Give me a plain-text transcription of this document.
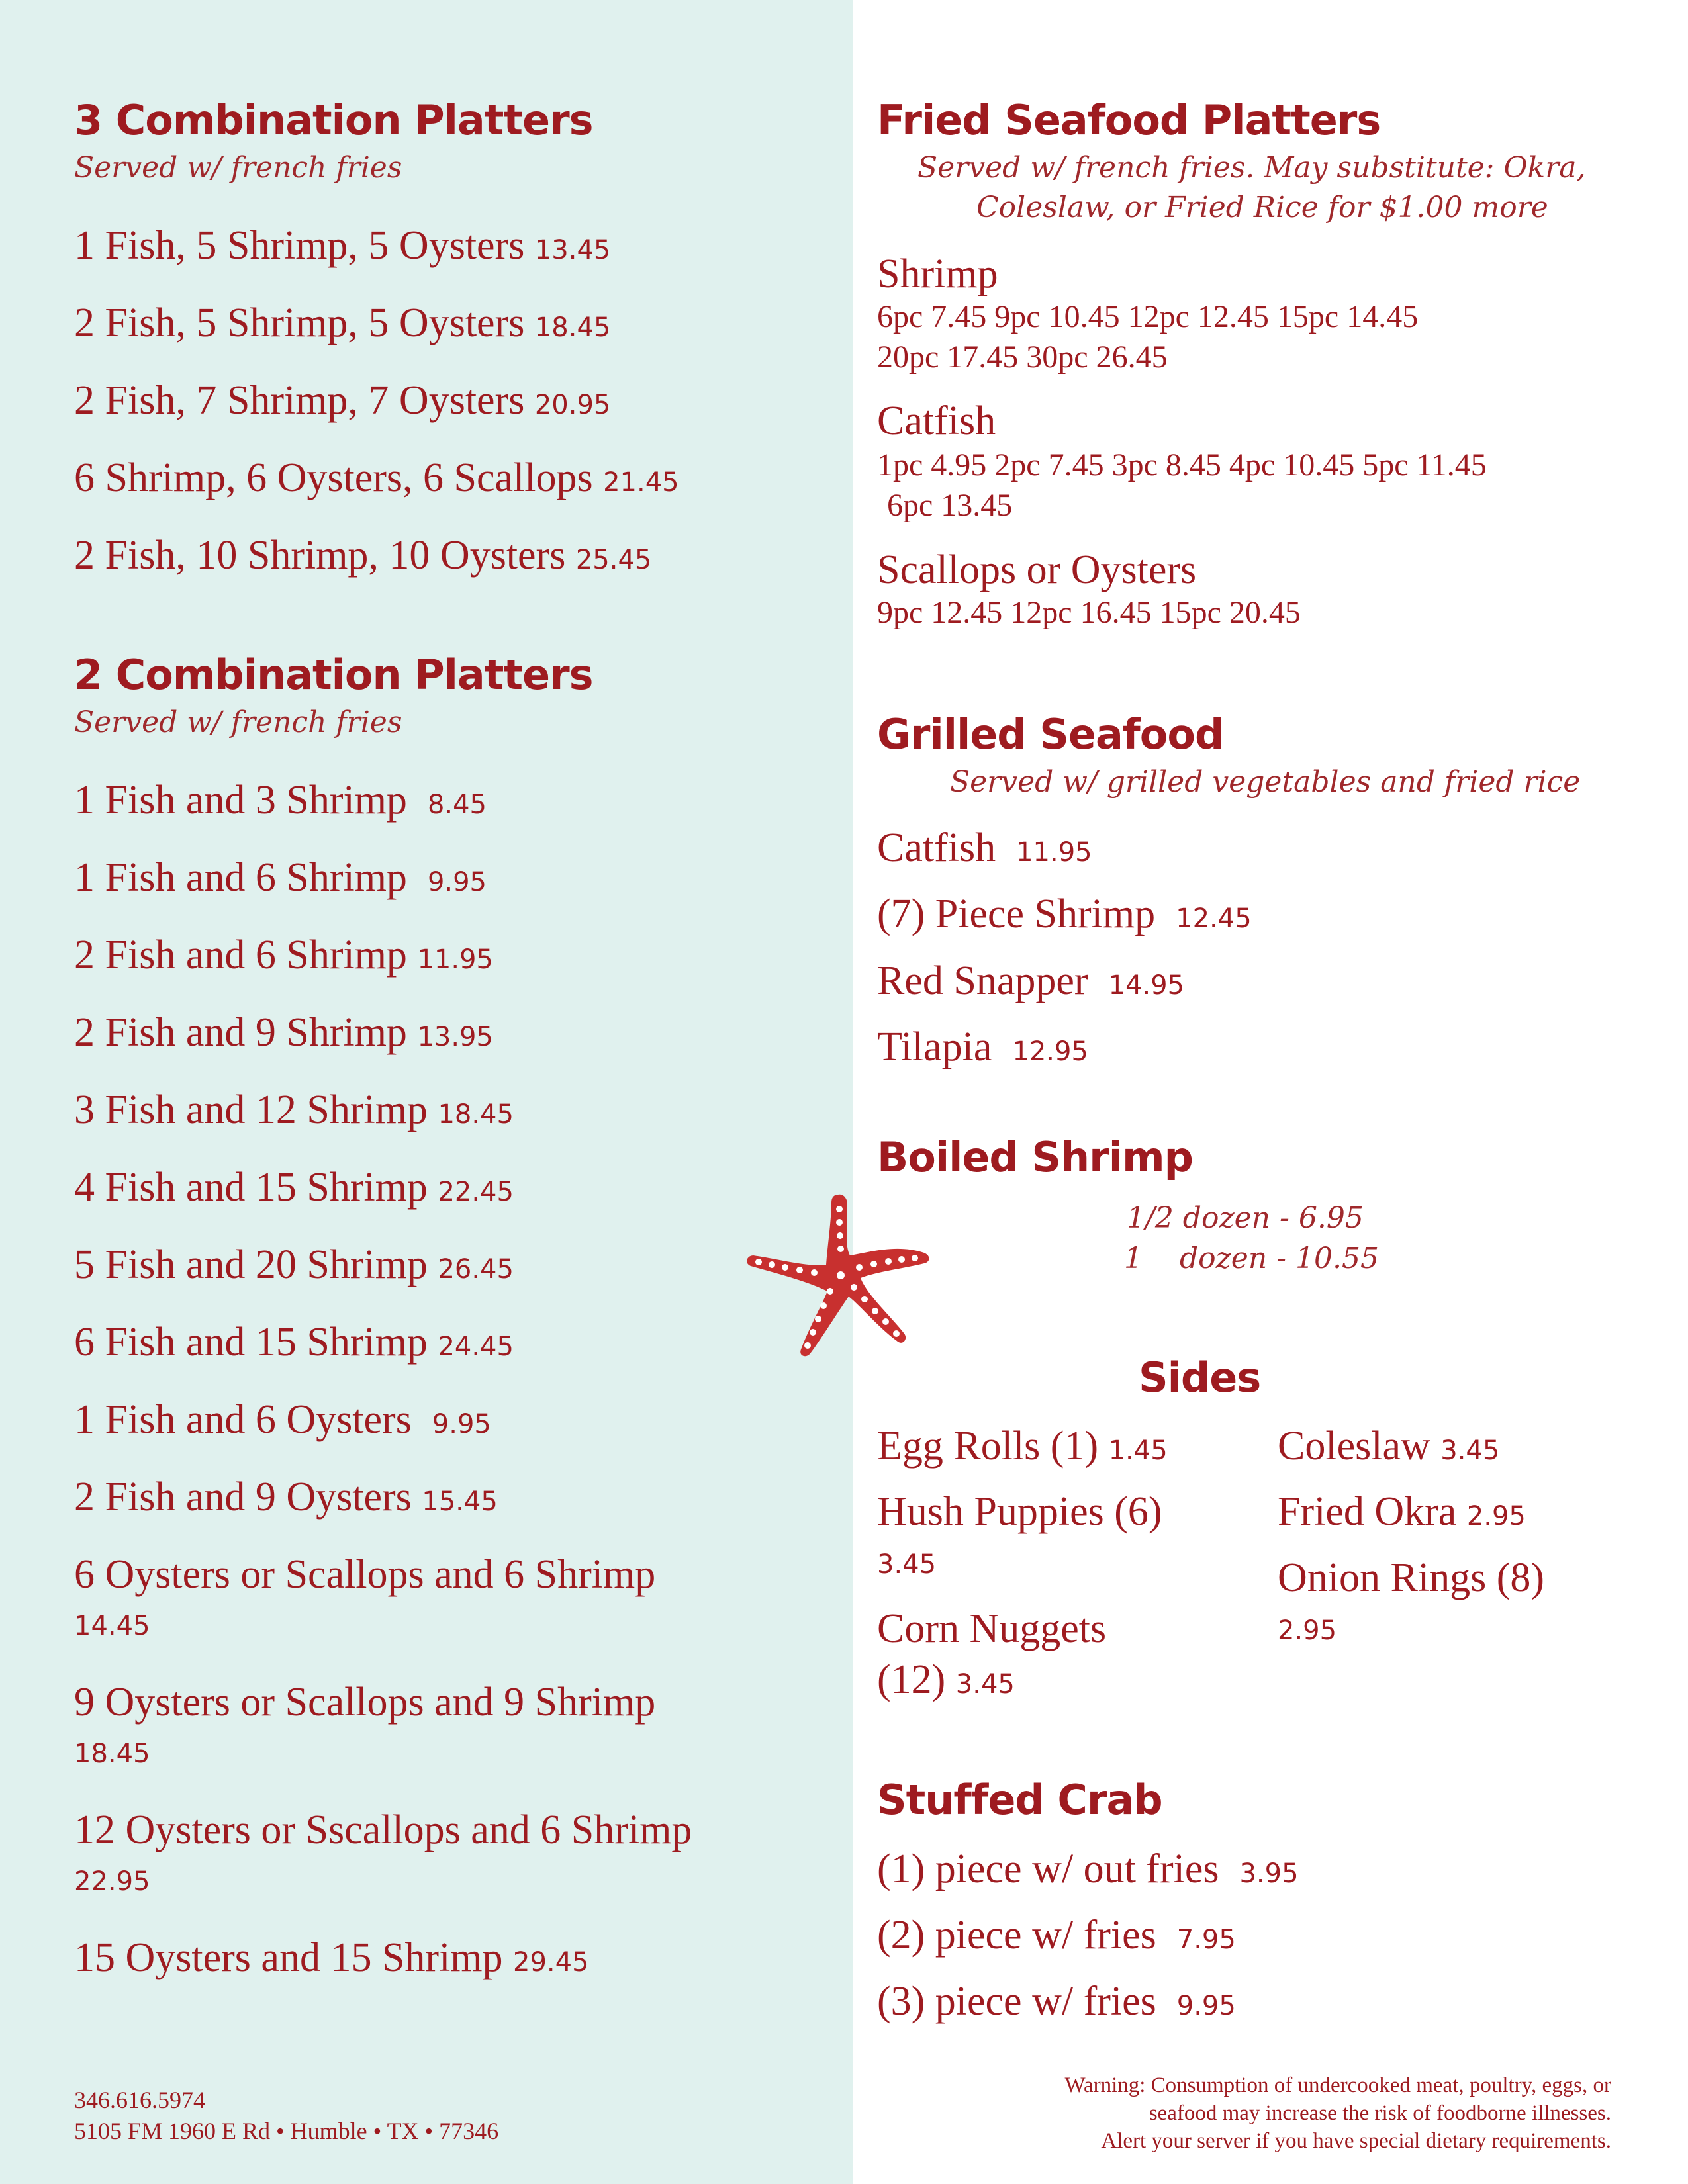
3 Combination Platters
Served w/ french fries
1 Fish, 5 Shrimp, 5 Oysters 13.45
2 Fish, 5 Shrimp, 5 Oysters 18.45
2 Fish, 7 Shrimp, 7 Oysters 20.95
6 Shrimp, 6 Oysters, 6 Scallops 21.45
2 Fish, 10 Shrimp, 10 Oysters 25.45
2 Combination Platters
Served w/ french fries
1 Fish and 3 Shrimp 8.45
1 Fish and 6 Shrimp 9.95
2 Fish and 6 Shrimp 11.95
2 Fish and 9 Shrimp 13.95
3 Fish and 12 Shrimp 18.45
4 Fish and 15 Shrimp 22.45
5 Fish and 20 Shrimp 26.45
6 Fish and 15 Shrimp 24.45
1 Fish and 6 Oysters 9.95
2 Fish and 9 Oysters 15.45
6 Oysters or Scallops and 6 Shrimp
14.45
9 Oysters or Scallops and 9 Shrimp
18.45
12 Oysters or Sscallops and 6 Shrimp
22.95
15 Oysters and 15 Shrimp 29.45
346.616.5974
5105 FM 1960 E Rd • Humble • TX • 77346
Fried Seafood Platters
Served w/ french fries. May substitute: Okra,
Coleslaw, or Fried Rice for $1.00 more
Shrimp
6pc 7.45 9pc 10.45 12pc 12.45 15pc 14.45
20pc 17.45 30pc 26.45
Catfish
1pc 4.95 2pc 7.45 3pc 8.45 4pc 10.45 5pc 11.45
6pc 13.45
Scallops or Oysters
9pc 12.45 12pc 16.45 15pc 20.45
Grilled Seafood
Served w/ grilled vegetables and fried rice
Catfish 11.95
(7) Piece Shrimp 12.45
Red Snapper 14.95
Tilapia 12.95
Boiled Shrimp
1/2 dozen - 6.95
1    dozen - 10.55
Sides
Egg Rolls (1) 1.45
Hush Puppies (6)
3.45
Corn Nuggets
(12) 3.45
Coleslaw 3.45
Fried Okra 2.95
Onion Rings (8)
2.95
Stuffed Crab
(1) piece w/ out fries 3.95
(2) piece w/ fries 7.95
(3) piece w/ fries 9.95
Warning: Consumption of undercooked meat, poultry, eggs, or
seafood may increase the risk of foodborne illnesses.
Alert your server if you have special dietary requirements.
